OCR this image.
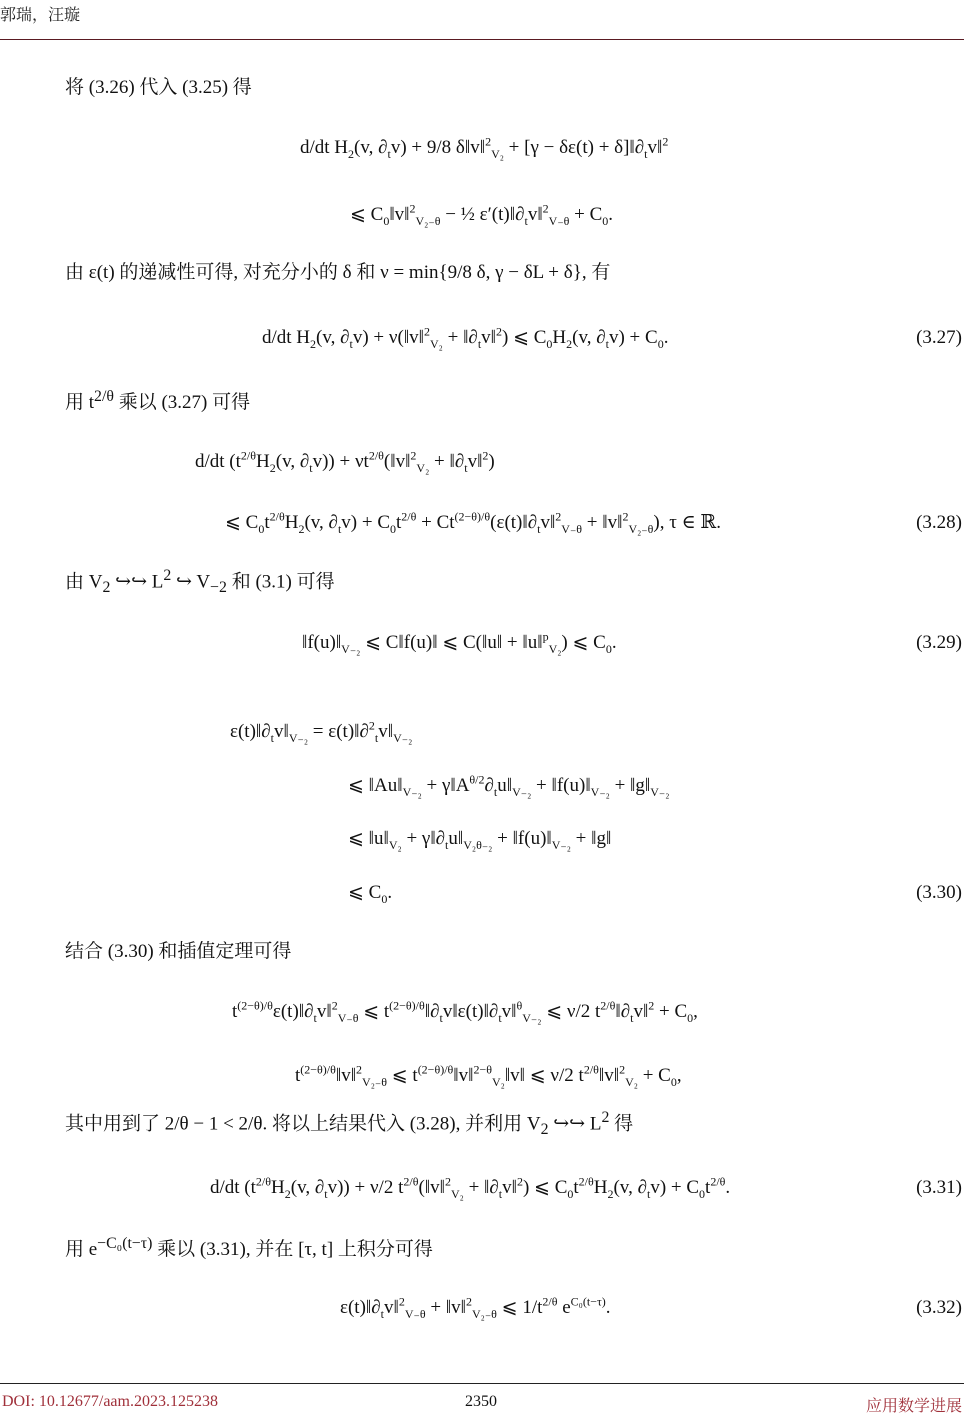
郭瑞，汪璇
将 (3.26) 代入 (3.25) 得
d/dt $H_2(v$, $\partial_tv) + 9/8$ δ‖v‖$^2_{V_2}$ + $[\gamma - \delta\varepsilon(t) + \delta]‖\partial_tv‖^2$
⩽ $C_0‖v‖^2_{V_{2-}\theta}$ − ½ $\varepsilon'(t)‖\partial_tv‖^2_{V_-\theta} + C_0$.
由 ε(t) 的递减性可得, 对充分小的 δ 和 ν = min{9/8 δ, γ − δL + δ}, 有
d/dt $H_2(v$, $\partial_tv$) + ν(‖v‖$^2_{V_2}$ + $‖\partial_tv‖^2$) ⩽ $C_0H_2(v$, $\partial_tv) + C_0$.	(3.27)
用 $t^{2/\theta}$ 乘以 (3.27) 可得
d/dt ($t^{2/\theta}H_2(v$, $\partial_tv$)) + $\nu t^{2/\theta}(‖v‖^2_{V_2}$ + $‖\partial_tv‖^2$)
⩽ $C_0t^{2/\theta}H_2(v$, $\partial_tv) + C_0t^{2/\theta}$ + $Ct^{(2-\theta)/\theta}(\varepsilon(t)‖\partial_tv‖^2_{V_-\theta}$ + ‖v‖$^2_{V_{2-}\theta}$), τ ∈ ℝ.	(3.28)
由 $V_2$ ↪↪ $L^2$ ↪ $V_{-2}$ 和 (3.1) 可得
$‖f(u)‖_{V_{-2}}$ ⩽ C‖f(u)‖ ⩽ C(‖u‖ + ‖u‖$^p_{V_2}$) ⩽ $C_0$.	(3.29)
$\varepsilon(t)‖\partial_tv‖_{V_{-2}}$ = $\varepsilon(t)‖\partial^2_tv‖_{V_{-2}}$
⩽ $‖Au‖_{V_{-2}}$ + $\gamma‖A^{\theta/2}\partial_tu‖_{V_{-2}}$ + $‖f(u)‖_{V_{-2}}$ + $‖g‖_{V_{-2}}$
⩽ $‖u‖_{V_2}$ + $\gamma‖\partial_tu‖_{V_2\theta_{-2}}$ + $‖f(u)‖_{V_{-2}}$ + ‖g‖
⩽ $C_0$.	(3.30)
结合 (3.30) 和插值定理可得
$t^{(2-\theta)/\theta}\varepsilon(t)‖\partial_tv‖^2_{V_-\theta}$ ⩽ $t^{(2-\theta)/\theta}‖\partial_tv‖\varepsilon(t)‖\partial_tv‖^\theta_{V_{-2}}$ ⩽ ν/2 $t^{2/\theta}‖\partial_tv‖^2 + C_0$,
$t^{(2-\theta)/\theta}‖v‖^2_{V_{2-}\theta}$ ⩽ $t^{(2-\theta)/\theta}‖v‖^{2-\theta}_{V_2}‖v‖$ ⩽ ν/2 $t^{2/\theta}‖v‖^2_{V_2} + C_0$,
其中用到了 2/θ − 1 < 2/θ. 将以上结果代入 (3.28), 并利用 $V_2$ ↪↪ $L^2$ 得
d/dt ($t^{2/\theta}H_2(v$, $\partial_tv)) + \nu/2$ $t^{2/\theta}(‖v‖^2_{V_2}$ + $‖\partial_tv‖^2$) ⩽ $C_0t^{2/\theta}H_2(v$, $\partial_tv) + C_0t^{2/\theta}$.	(3.31)
用 $e^{-C_0(t-\tau)}$ 乘以 (3.31), 并在 [τ, t] 上积分可得
$\varepsilon(t)‖\partial_tv‖^2_{V_-\theta}$ + ‖v‖$^2_{V_{2-}\theta}$ ⩽ $1/t^{2/\theta}$ $e^{C_0(t-\tau)}$.	(3.32)
DOI: 10.12677/aam.2023.125238	2350	应用数学进展
